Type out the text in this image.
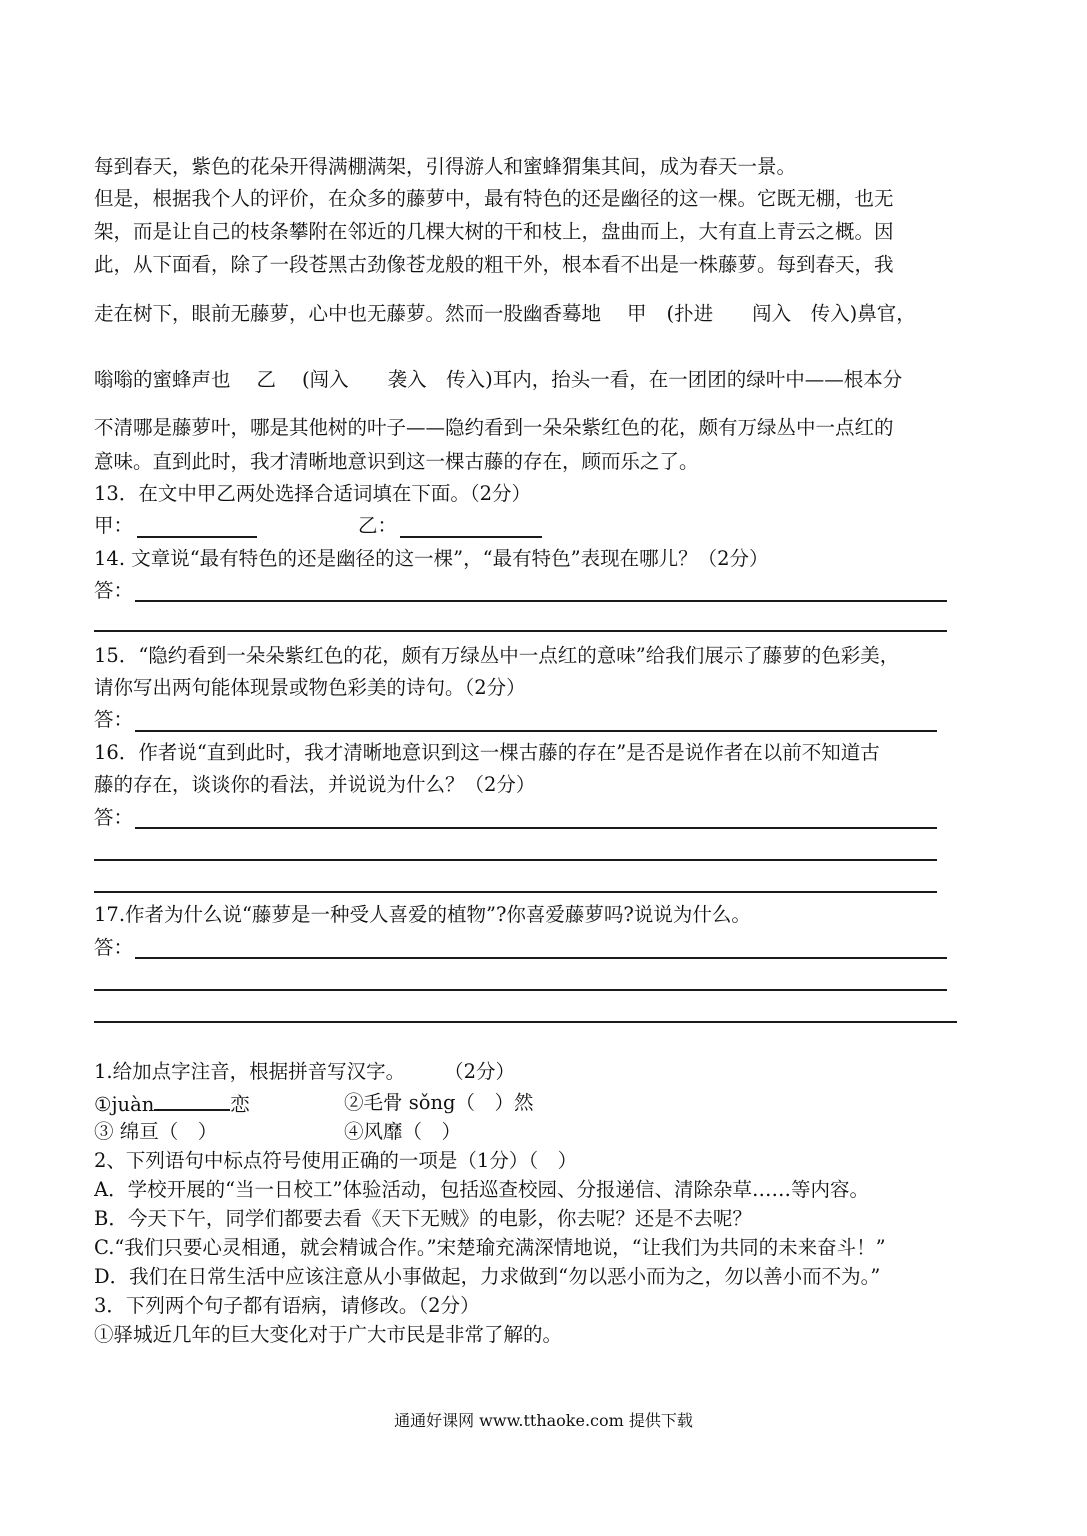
每到春天，紫色的花朵开得满棚满架，引得游人和蜜蜂猬集其间，成为春天一景。
但是，根据我个人的评价，在众多的藤萝中，最有特色的还是幽径的这一棵。它既无棚，也无
架，而是让自己的枝条攀附在邻近的几棵大树的干和枝上，盘曲而上，大有直上青云之概。因
此，从下面看，除了一段苍黑古劲像苍龙般的粗干外，根本看不出是一株藤萝。每到春天，我
走在树下，眼前无藤萝，心中也无藤萝。然而一股幽香蓦地 甲 (扑进　　闯入　传入)鼻官，
嗡嗡的蜜蜂声也 乙 (闯入　　袭入　传入)耳内，抬头一看，在一团团的绿叶中——根本分
不清哪是藤萝叶，哪是其他树的叶子——隐约看到一朵朵紫红色的花，颇有万绿丛中一点红的
意味。直到此时，我才清晰地意识到这一棵古藤的存在，顾而乐之了。
13．在文中甲乙两处选择合适词填在下面。（2分）
甲：	乙：
14. 文章说“最有特色的还是幽径的这一棵”，“最有特色”表现在哪儿？（2分）
答：
15．“隐约看到一朵朵紫红色的花，颇有万绿丛中一点红的意味”给我们展示了藤萝的色彩美，
请你写出两句能体现景或物色彩美的诗句。（2分）
答：
16．作者说“直到此时，我才清晰地意识到这一棵古藤的存在”是否是说作者在以前不知道古
藤的存在，谈谈你的看法，并说说为什么？（2分）
答：
17.作者为什么说“藤萝是一种受人喜爱的植物”?你喜爱藤萝吗?说说为什么。
答：
1.给加点字注音，根据拼音写汉字。　　　（2分）
①juàn	恋	②毛骨 sǒng（　）然
③ 绵亘（　）	④风靡（　）
2、下列语句中标点符号使用正确的一项是（1分）（　）
A．学校开展的“当一日校工”体验活动，包括巡查校园、分报递信、清除杂草……等内容。
B．今天下午，同学们都要去看《天下无贼》的电影，你去呢？还是不去呢？
C.“我们只要心灵相通，就会精诚合作。”宋楚瑜充满深情地说，“让我们为共同的未来奋斗！”
D．我们在日常生活中应该注意从小事做起，力求做到“勿以恶小而为之，勿以善小而不为。”
3．下列两个句子都有语病，请修改。（2分）
①驿城近几年的巨大变化对于广大市民是非常了解的。
通通好课网 www.tthaoke.com 提供下载
